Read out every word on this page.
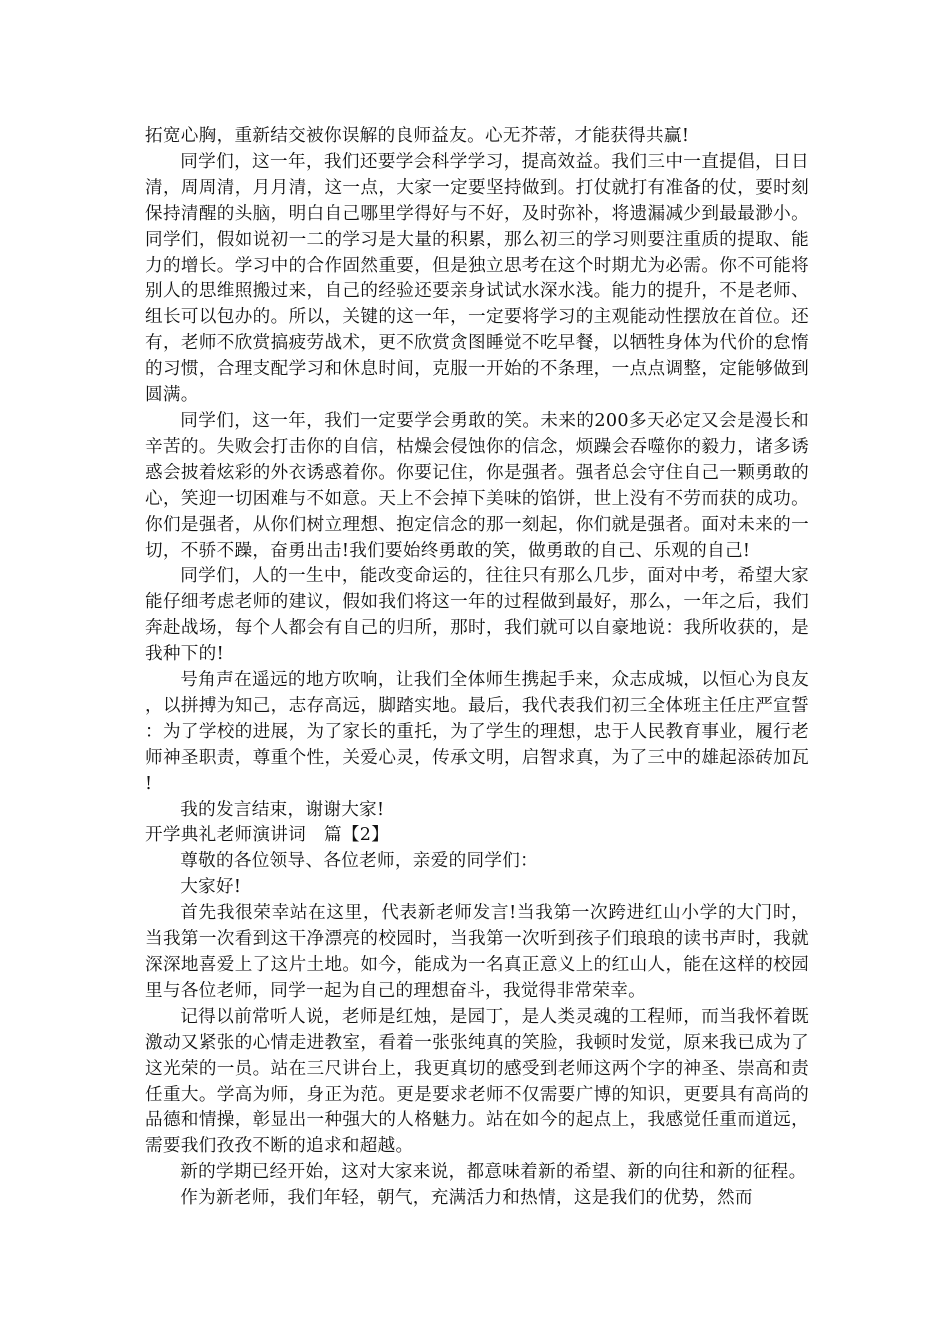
拓宽心胸，重新结交被你误解的良师益友。心无芥蒂，才能获得共赢!

同学们，这一年，我们还要学会科学学习，提高效益。我们三中一直提倡，日日清，周周清，月月清，这一点，大家一定要坚持做到。打仗就打有准备的仗，要时刻保持清醒的头脑，明白自己哪里学得好与不好，及时弥补，将遗漏减少到最最渺小。同学们，假如说初一二的学习是大量的积累，那么初三的学习则要注重质的提取、能力的增长。学习中的合作固然重要，但是独立思考在这个时期尤为必需。你不可能将别人的思维照搬过来，自己的经验还要亲身试试水深水浅。能力的提升，不是老师、组长可以包办的。所以，关键的这一年，一定要将学习的主观能动性摆放在首位。还有，老师不欣赏搞疲劳战术，更不欣赏贪图睡觉不吃早餐，以牺牲身体为代价的怠惰的习惯，合理支配学习和休息时间，克服一开始的不条理，一点点调整，定能够做到圆满。

同学们，这一年，我们一定要学会勇敢的笑。未来的200多天必定又会是漫长和辛苦的。失败会打击你的自信，枯燥会侵蚀你的信念，烦躁会吞噬你的毅力，诸多诱惑会披着炫彩的外衣诱惑着你。你要记住，你是强者。强者总会守住自己一颗勇敢的心，笑迎一切困难与不如意。天上不会掉下美味的馅饼，世上没有不劳而获的成功。你们是强者，从你们树立理想、抱定信念的那一刻起，你们就是强者。面对未来的一切，不骄不躁，奋勇出击!我们要始终勇敢的笑，做勇敢的自己、乐观的自己!

同学们，人的一生中，能改变命运的，往往只有那么几步，面对中考，希望大家能仔细考虑老师的建议，假如我们将这一年的过程做到最好，那么，一年之后，我们奔赴战场，每个人都会有自己的归所，那时，我们就可以自豪地说：我所收获的，是我种下的!

号角声在遥远的地方吹响，让我们全体师生携起手来，众志成城，以恒心为良友，以拼搏为知己，志存高远，脚踏实地。最后，我代表我们初三全体班主任庄严宣誓：为了学校的进展，为了家长的重托，为了学生的理想，忠于人民教育事业，履行老师神圣职责，尊重个性，关爱心灵，传承文明，启智求真，为了三中的雄起添砖加瓦!

我的发言结束，谢谢大家!

开学典礼老师演讲词　篇【2】

尊敬的各位领导、各位老师，亲爱的同学们：

大家好!

首先我很荣幸站在这里，代表新老师发言!当我第一次跨进红山小学的大门时，当我第一次看到这干净漂亮的校园时，当我第一次听到孩子们琅琅的读书声时，我就深深地喜爱上了这片土地。如今，能成为一名真正意义上的红山人，能在这样的校园里与各位老师，同学一起为自己的理想奋斗，我觉得非常荣幸。

记得以前常听人说，老师是红烛，是园丁，是人类灵魂的工程师，而当我怀着既激动又紧张的心情走进教室，看着一张张纯真的笑脸，我顿时发觉，原来我已成为了这光荣的一员。站在三尺讲台上，我更真切的感受到老师这两个字的神圣、崇高和责任重大。学高为师，身正为范。更是要求老师不仅需要广博的知识，更要具有高尚的品德和情操，彰显出一种强大的人格魅力。站在如今的起点上，我感觉任重而道远，需要我们孜孜不断的追求和超越。

新的学期已经开始，这对大家来说，都意味着新的希望、新的向往和新的征程。

作为新老师，我们年轻，朝气，充满活力和热情，这是我们的优势，然而
